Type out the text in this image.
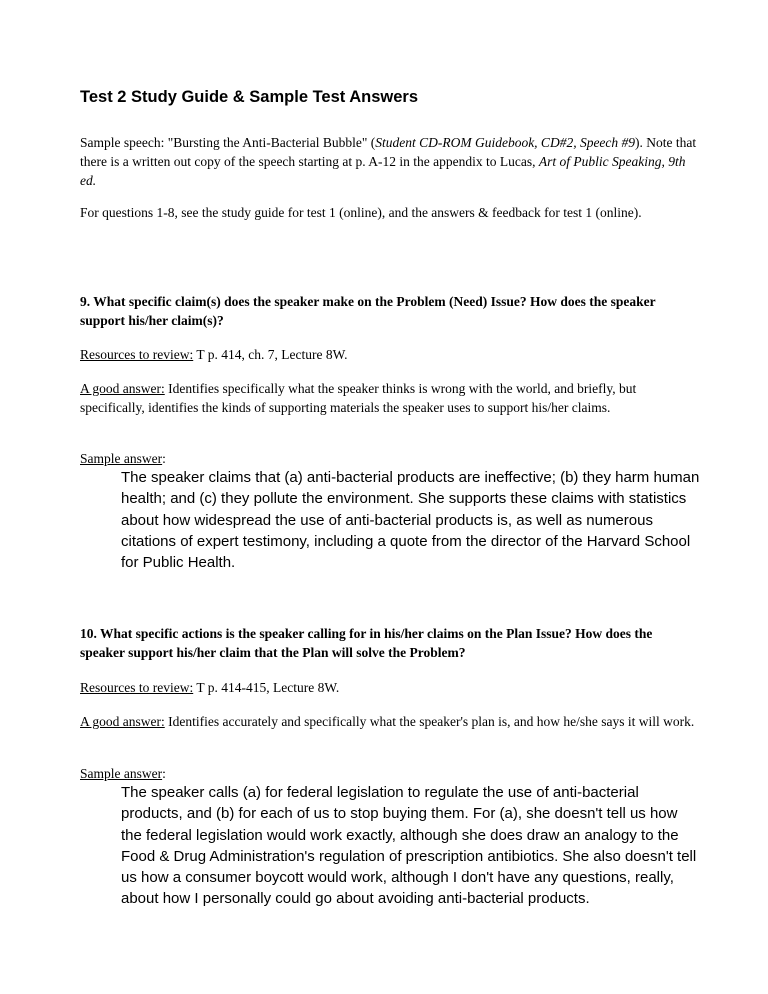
Test 2 Study Guide & Sample Test Answers

Sample speech: "Bursting the Anti-Bacterial Bubble" (Student CD-ROM Guidebook, CD#2, Speech #9). Note that there is a written out copy of the speech starting at p. A-12 in the appendix to Lucas, Art of Public Speaking, 9th ed.

For questions 1-8, see the study guide for test 1 (online), and the answers & feedback for test 1 (online).

9. What specific claim(s) does the speaker make on the Problem (Need) Issue? How does the speaker support his/her claim(s)?

Resources to review: T p. 414, ch. 7, Lecture 8W.

A good answer: Identifies specifically what the speaker thinks is wrong with the world, and briefly, but specifically, identifies the kinds of supporting materials the speaker uses to support his/her claims.

Sample answer:

The speaker claims that (a) anti-bacterial products are ineffective; (b) they harm human health; and (c) they pollute the environment. She supports these claims with statistics about how widespread the use of anti-bacterial products is, as well as numerous citations of expert testimony, including a quote from the director of the Harvard School for Public Health.

10. What specific actions is the speaker calling for in his/her claims on the Plan Issue? How does the speaker support his/her claim that the Plan will solve the Problem?

Resources to review: T p. 414-415, Lecture 8W.

A good answer: Identifies accurately and specifically what the speaker's plan is, and how he/she says it will work.

Sample answer:

The speaker calls (a) for federal legislation to regulate the use of anti-bacterial products, and (b) for each of us to stop buying them. For (a), she doesn't tell us how the federal legislation would work exactly, although she does draw an analogy to the Food & Drug Administration's regulation of prescription antibiotics. She also doesn't tell us how a consumer boycott would work, although I don't have any questions, really, about how I personally could go about avoiding anti-bacterial products.
